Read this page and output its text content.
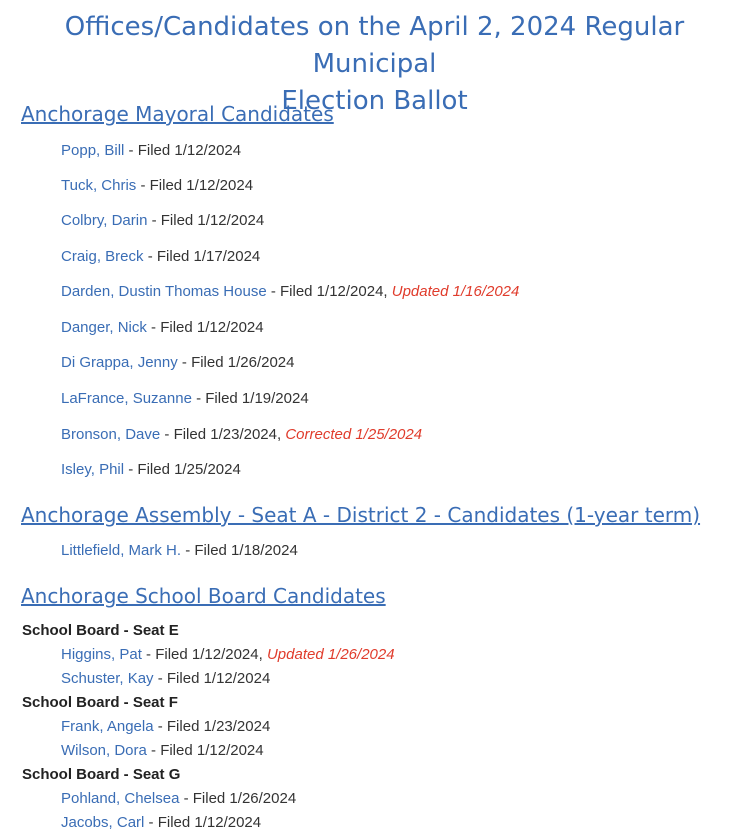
Offices/Candidates on the April 2, 2024 Regular Municipal
Election Ballot
Anchorage Mayoral Candidates
Popp, Bill - Filed 1/12/2024
Tuck, Chris - Filed 1/12/2024
Colbry, Darin - Filed 1/12/2024
Craig, Breck - Filed 1/17/2024
Darden, Dustin Thomas House - Filed 1/12/2024, Updated 1/16/2024
Danger, Nick - Filed 1/12/2024
Di Grappa, Jenny - Filed 1/26/2024
LaFrance, Suzanne - Filed 1/19/2024
Bronson, Dave - Filed 1/23/2024, Corrected 1/25/2024
Isley, Phil - Filed 1/25/2024
Anchorage Assembly - Seat A - District 2 - Candidates (1-year term)
Littlefield, Mark H. - Filed 1/18/2024
Anchorage School Board Candidates
School Board - Seat E
Higgins, Pat - Filed 1/12/2024, Updated 1/26/2024
Schuster, Kay - Filed 1/12/2024
School Board - Seat F
Frank, Angela - Filed 1/23/2024
Wilson, Dora - Filed 1/12/2024
School Board - Seat G
Pohland, Chelsea - Filed 1/26/2024
Jacobs, Carl - Filed 1/12/2024
